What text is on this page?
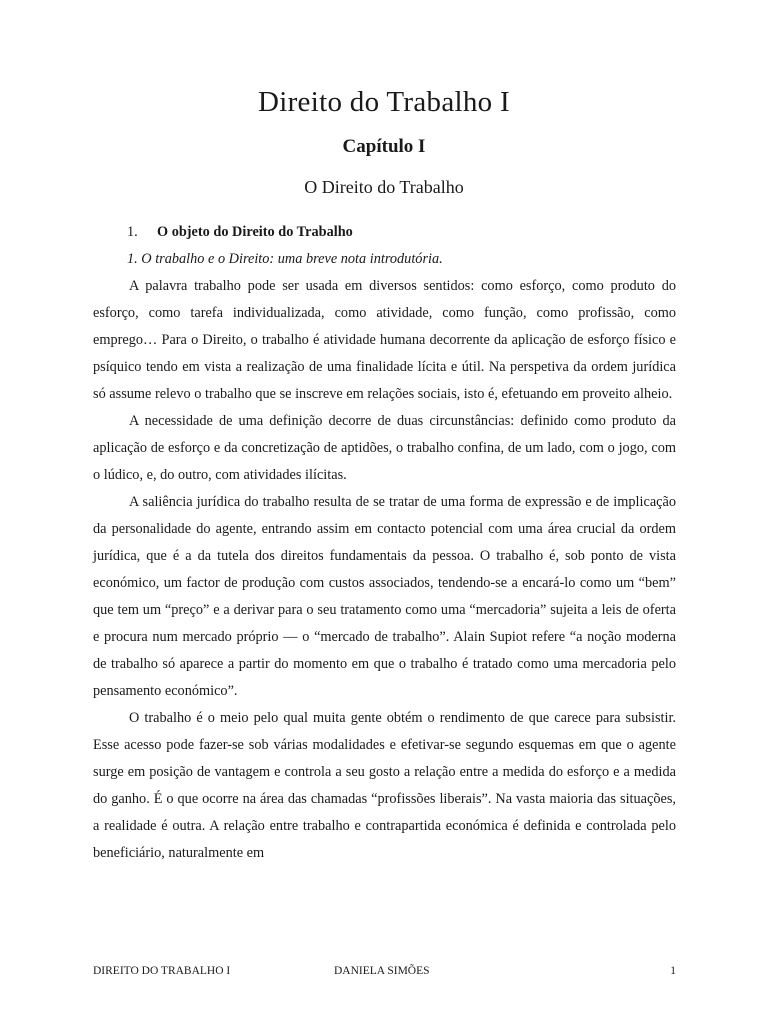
Direito do Trabalho I
Capítulo I
O Direito do Trabalho

1. O objeto do Direito do Trabalho

1. O trabalho e o Direito: uma breve nota introdutória.

A palavra trabalho pode ser usada em diversos sentidos: como esforço, como produto do esforço, como tarefa individualizada, como atividade, como função, como profissão, como emprego… Para o Direito, o trabalho é atividade humana decorrente da aplicação de esforço físico e psíquico tendo em vista a realização de uma finalidade lícita e útil. Na perspetiva da ordem jurídica só assume relevo o trabalho que se inscreve em relações sociais, isto é, efetuando em proveito alheio.

A necessidade de uma definição decorre de duas circunstâncias: definido como produto da aplicação de esforço e da concretização de aptidões, o trabalho confina, de um lado, com o jogo, com o lúdico, e, do outro, com atividades ilícitas.

A saliência jurídica do trabalho resulta de se tratar de uma forma de expressão e de implicação da personalidade do agente, entrando assim em contacto potencial com uma área crucial da ordem jurídica, que é a da tutela dos direitos fundamentais da pessoa. O trabalho é, sob ponto de vista económico, um factor de produção com custos associados, tendendo-se a encará-lo como um “bem” que tem um “preço” e a derivar para o seu tratamento como uma “mercadoria” sujeita a leis de oferta e procura num mercado próprio — o “mercado de trabalho”. Alain Supiot refere “a noção moderna de trabalho só aparece a partir do momento em que o trabalho é tratado como uma mercadoria pelo pensamento económico”.

O trabalho é o meio pelo qual muita gente obtém o rendimento de que carece para subsistir. Esse acesso pode fazer-se sob várias modalidades e efetivar-se segundo esquemas em que o agente surge em posição de vantagem e controla a seu gosto a relação entre a medida do esforço e a medida do ganho. É o que ocorre na área das chamadas “profissões liberais”. Na vasta maioria das situações, a realidade é outra. A relação entre trabalho e contrapartida económica é definida e controlada pelo beneficiário, naturalmente em

DIREITO DO TRABALHO I	DANIELA SIMÕES	1
